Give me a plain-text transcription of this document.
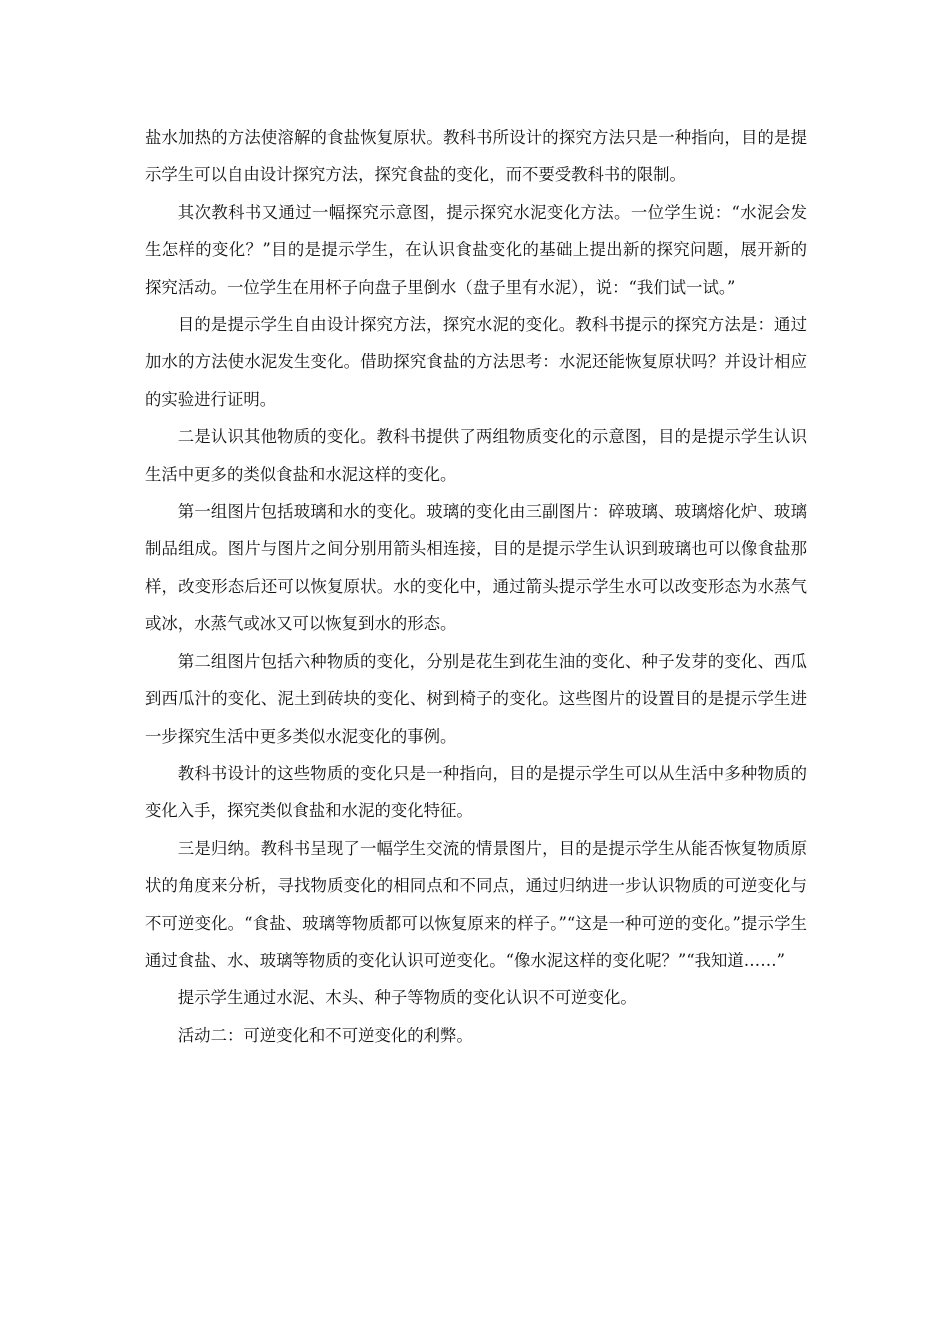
盐水加热的方法使溶解的食盐恢复原状。教科书所设计的探究方法只是一种指向，目的是提示学生可以自由设计探究方法，探究食盐的变化，而不要受教科书的限制。

其次教科书又通过一幅探究示意图，提示探究水泥变化方法。一位学生说：“水泥会发生怎样的变化？”目的是提示学生，在认识食盐变化的基础上提出新的探究问题，展开新的探究活动。一位学生在用杯子向盘子里倒水（盘子里有水泥），说：“我们试一试。”

目的是提示学生自由设计探究方法，探究水泥的变化。教科书提示的探究方法是：通过加水的方法使水泥发生变化。借助探究食盐的方法思考：水泥还能恢复原状吗？并设计相应的实验进行证明。

二是认识其他物质的变化。教科书提供了两组物质变化的示意图，目的是提示学生认识生活中更多的类似食盐和水泥这样的变化。

第一组图片包括玻璃和水的变化。玻璃的变化由三副图片：碎玻璃、玻璃熔化炉、玻璃制品组成。图片与图片之间分别用箭头相连接，目的是提示学生认识到玻璃也可以像食盐那样，改变形态后还可以恢复原状。水的变化中，通过箭头提示学生水可以改变形态为水蒸气或冰，水蒸气或冰又可以恢复到水的形态。

第二组图片包括六种物质的变化，分别是花生到花生油的变化、种子发芽的变化、西瓜到西瓜汁的变化、泥土到砖块的变化、树到椅子的变化。这些图片的设置目的是提示学生进一步探究生活中更多类似水泥变化的事例。

教科书设计的这些物质的变化只是一种指向，目的是提示学生可以从生活中多种物质的变化入手，探究类似食盐和水泥的变化特征。

三是归纳。教科书呈现了一幅学生交流的情景图片，目的是提示学生从能否恢复物质原状的角度来分析，寻找物质变化的相同点和不同点，通过归纳进一步认识物质的可逆变化与不可逆变化。“食盐、玻璃等物质都可以恢复原来的样子。”“这是一种可逆的变化。”提示学生通过食盐、水、玻璃等物质的变化认识可逆变化。“像水泥这样的变化呢？”“我知道……”

提示学生通过水泥、木头、种子等物质的变化认识不可逆变化。

活动二：可逆变化和不可逆变化的利弊。
